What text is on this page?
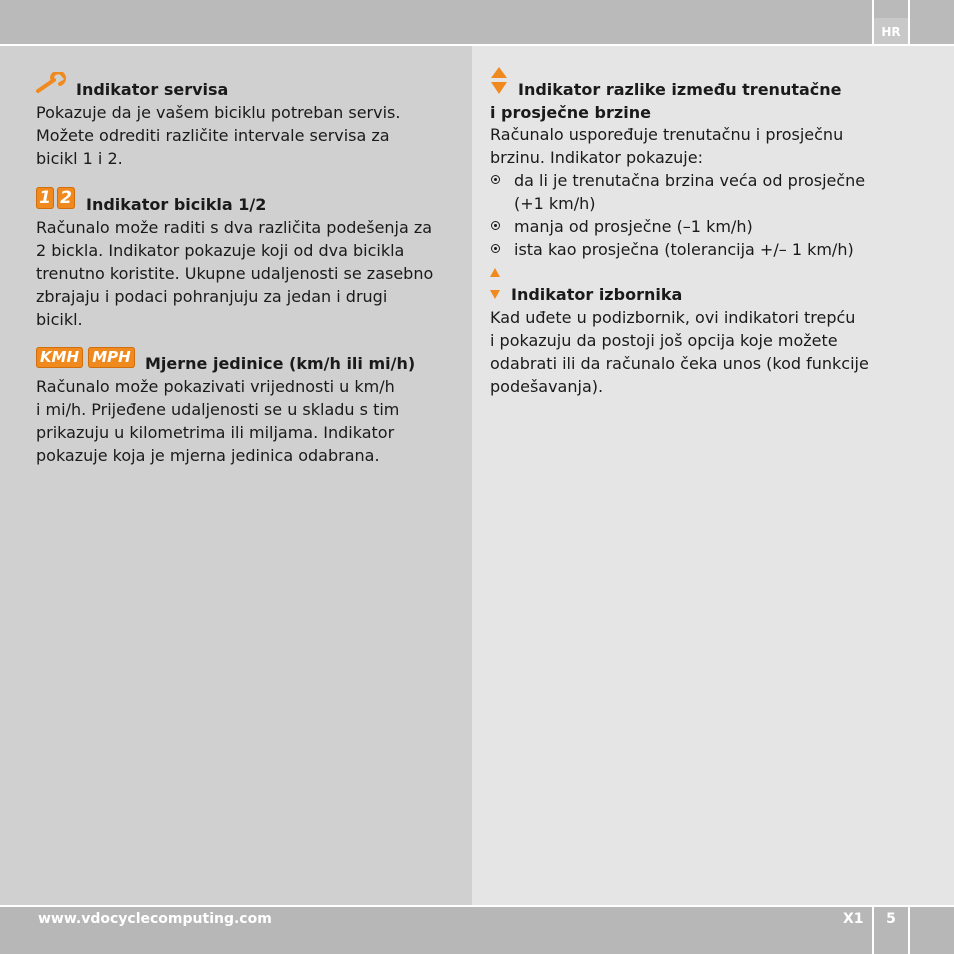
HR
Indikator servisa
Pokazuje da je vašem biciklu potreban servis.
Možete odrediti različite intervale servisa za
bicikl 1 i 2.
1 2 Indikator bicikla 1/2
Računalo može raditi s dva različita podešenja za
2 bickla. Indikator pokazuje koji od dva bicikla
trenutno koristite. Ukupne udaljenosti se zasebno
zbrajaju i podaci pohranjuju za jedan i drugi
bicikl.
KMH MPH Mjerne jedinice (km/h ili mi/h)
Računalo može pokazivati vrijednosti u km/h
i mi/h. Prijeđene udaljenosti se u skladu s tim
prikazuju u kilometrima ili miljama. Indikator
pokazuje koja je mjerna jedinica odabrana.
Indikator razlike između trenutačne
i prosječne brzine
Računalo uspoređuje trenutačnu i prosječnu
brzinu. Indikator pokazuje:
da li je trenutačna brzina veća od prosječne
(+1 km/h)
manja od prosječne (–1 km/h)
ista kao prosječna (tolerancija +/– 1 km/h)
Indikator izbornika
Kad uđete u podizbornik, ovi indikatori trepću
i pokazuju da postoji još opcija koje možete
odabrati ili da računalo čeka unos (kod funkcije
podešavanja).
www.vdocyclecomputing.com	X1	5
